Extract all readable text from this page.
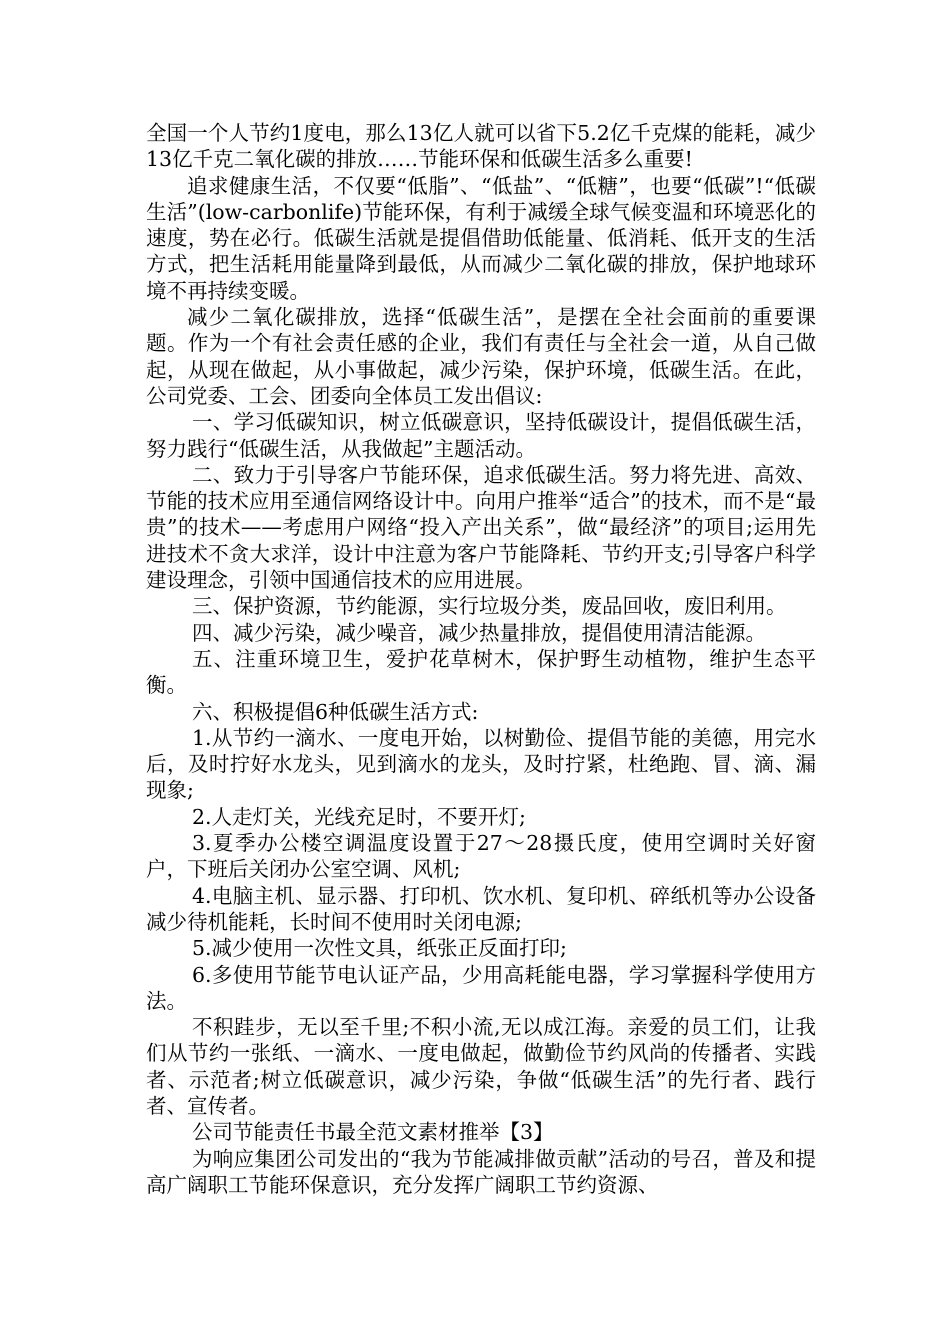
全国一个人节约1度电，那么13亿人就可以省下5.2亿千克煤的能耗，减少13亿千克二氧化碳的排放……节能环保和低碳生活多么重要!

追求健康生活，不仅要“低脂”、“低盐”、“低糖”，也要“低碳”!“低碳生活”(low-carbonlife)节能环保，有利于减缓全球气候变温和环境恶化的速度，势在必行。低碳生活就是提倡借助低能量、低消耗、低开支的生活方式，把生活耗用能量降到最低，从而减少二氧化碳的排放，保护地球环境不再持续变暖。

减少二氧化碳排放，选择“低碳生活”，是摆在全社会面前的重要课题。作为一个有社会责任感的企业，我们有责任与全社会一道，从自己做起，从现在做起，从小事做起，减少污染，保护环境，低碳生活。在此，公司党委、工会、团委向全体员工发出倡议:

一、学习低碳知识，树立低碳意识，坚持低碳设计，提倡低碳生活，努力践行“低碳生活，从我做起”主题活动。

二、致力于引导客户节能环保，追求低碳生活。努力将先进、高效、节能的技术应用至通信网络设计中。向用户推举“适合”的技术，而不是“最贵”的技术——考虑用户网络“投入产出关系”，做“最经济”的项目;运用先进技术不贪大求洋，设计中注意为客户节能降耗、节约开支;引导客户科学建设理念，引领中国通信技术的应用进展。

三、保护资源，节约能源，实行垃圾分类，废品回收，废旧利用。

四、减少污染，减少噪音，减少热量排放，提倡使用清洁能源。

五、注重环境卫生，爱护花草树木，保护野生动植物，维护生态平衡。

六、积极提倡6种低碳生活方式:

1.从节约一滴水、一度电开始，以树勤俭、提倡节能的美德，用完水后，及时拧好水龙头，见到滴水的龙头，及时拧紧，杜绝跑、冒、滴、漏现象;

2.人走灯关，光线充足时，不要开灯;

3.夏季办公楼空调温度设置于27～28摄氏度，使用空调时关好窗户，下班后关闭办公室空调、风机;

4.电脑主机、显示器、打印机、饮水机、复印机、碎纸机等办公设备减少待机能耗，长时间不使用时关闭电源;

5.减少使用一次性文具，纸张正反面打印;

6.多使用节能节电认证产品，少用高耗能电器，学习掌握科学使用方法。

不积跬步，无以至千里;不积小流,无以成江海。亲爱的员工们，让我们从节约一张纸、一滴水、一度电做起，做勤俭节约风尚的传播者、实践者、示范者;树立低碳意识，减少污染，争做“低碳生活”的先行者、践行者、宣传者。

公司节能责任书最全范文素材推举【3】

为响应集团公司发出的“我为节能减排做贡献”活动的号召，普及和提高广阔职工节能环保意识，充分发挥广阔职工节约资源、
